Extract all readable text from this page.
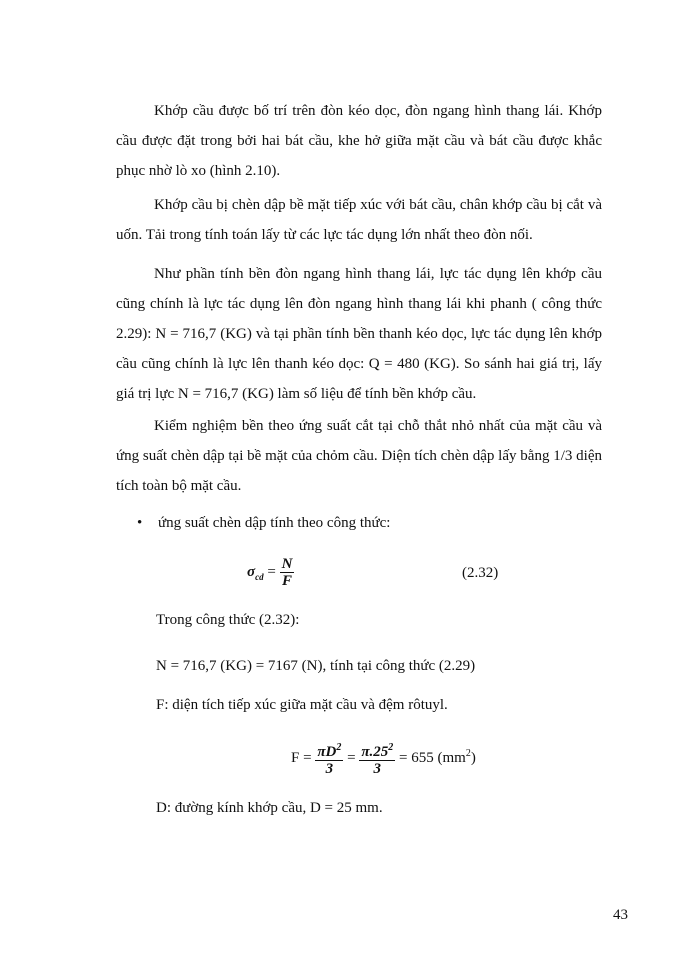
Khớp cầu được bố trí trên đòn kéo dọc, đòn ngang hình thang lái. Khớp cầu được đặt trong bởi hai bát cầu, khe hở giữa mặt cầu và bát cầu được khắc phục nhờ lò xo (hình 2.10).

Khớp cầu bị chèn dập bề mặt tiếp xúc với bát cầu, chân khớp cầu bị cắt và uốn. Tải trong tính toán lấy từ các lực tác dụng lớn nhất theo đòn nối.

Như phần tính bền đòn ngang hình thang lái, lực tác dụng lên khớp cầu cũng chính là lực tác dụng lên đòn ngang hình thang lái khi phanh ( công thức 2.29): N = 716,7 (KG) và tại phần tính bền thanh kéo dọc, lực tác dụng lên khớp cầu cũng chính là lực lên thanh kéo dọc: Q = 480 (KG). So sánh hai giá trị, lấy giá trị lực N = 716,7 (KG) làm số liệu để tính bền khớp cầu.

Kiểm nghiệm bền theo ứng suất cắt tại chỗ thắt nhỏ nhất của mặt cầu và ứng suất chèn dập tại bề mặt của chỏm cầu. Diện tích chèn dập lấy bằng 1/3 diện tích toàn bộ mặt cầu.

• ứng suất chèn dập tính theo công thức:

$\sigma_{cd} = \frac{N}{F}$	(2.32)

Trong công thức (2.32):

N = 716,7 (KG) = 7167 (N), tính tại công thức (2.29)

F: diện tích tiếp xúc giữa mặt cầu và đệm rôtuyl.

$F = \frac{\pi D^2}{3} = \frac{\pi.25^2}{3} = 655$ $(mm^2)$

D: đường kính khớp cầu, D = 25 mm.

43
